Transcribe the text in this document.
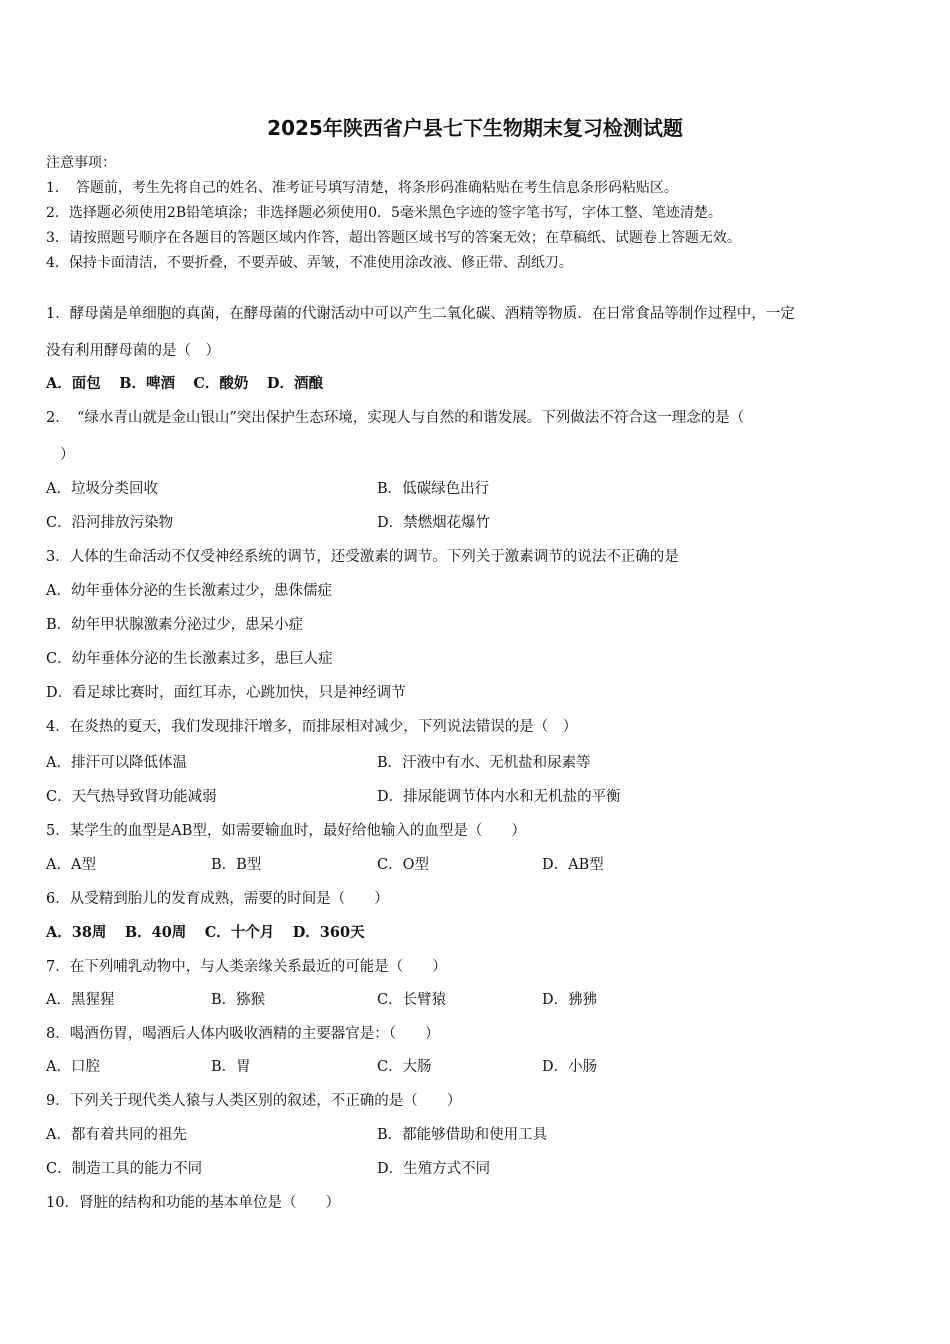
2025年陕西省户县七下生物期末复习检测试题
注意事项：
1．　答题前，考生先将自己的姓名、准考证号填写清楚，将条形码准确粘贴在考生信息条形码粘贴区。
2．选择题必须使用2B铅笔填涂；非选择题必须使用0．5毫米黑色字迹的签字笔书写，字体工整、笔迹清楚。
3．请按照题号顺序在各题目的答题区域内作答，超出答题区域书写的答案无效；在草稿纸、试题卷上答题无效。
4．保持卡面清洁，不要折叠，不要弄破、弄皱，不准使用涂改液、修正带、刮纸刀。
1．酵母菌是单细胞的真菌，在酵母菌的代谢活动中可以产生二氧化碳、酒精等物质．在日常食品等制作过程中，一定
没有利用酵母菌的是（　）
A．面包 B．啤酒 C．酸奶 D．酒酿
2．　“绿水青山就是金山银山”突出保护生态环境，实现人与自然的和谐发展。下列做法不符合这一理念的是（
）
A．垃圾分类回收	B．低碳绿色出行
C．沿河排放污染物	D．禁燃烟花爆竹
3．人体的生命活动不仅受神经系统的调节，还受激素的调节。下列关于激素调节的说法不正确的是
A．幼年垂体分泌的生长激素过少，患侏儒症
B．幼年甲状腺激素分泌过少，患呆小症
C．幼年垂体分泌的生长激素过多，患巨人症
D．看足球比赛时，面红耳赤，心跳加快，只是神经调节
4．在炎热的夏天，我们发现排汗增多，而排尿相对减少，下列说法错误的是（　）
A．排汗可以降低体温	B．汗液中有水、无机盐和尿素等
C．天气热导致肾功能减弱	D．排尿能调节体内水和无机盐的平衡
5．某学生的血型是AB型，如需要输血时，最好给他输入的血型是（　　）
A．A型	B．B型	C．O型	D．AB型
6．从受精到胎儿的发育成熟，需要的时间是（　　）
A．38周 B．40周 C．十个月 D．360天
7．在下列哺乳动物中，与人类亲缘关系最近的可能是（　　）
A．黑猩猩	B．猕猴	C．长臂猿	D．狒狒
8．喝酒伤胃，喝酒后人体内吸收酒精的主要器官是：（　　）
A．口腔	B．胃	C．大肠	D．小肠
9．下列关于现代类人猿与人类区别的叙述，不正确的是（　　）
A．都有着共同的祖先	B．都能够借助和使用工具
C．制造工具的能力不同	D．生殖方式不同
10．肾脏的结构和功能的基本单位是（　　）
